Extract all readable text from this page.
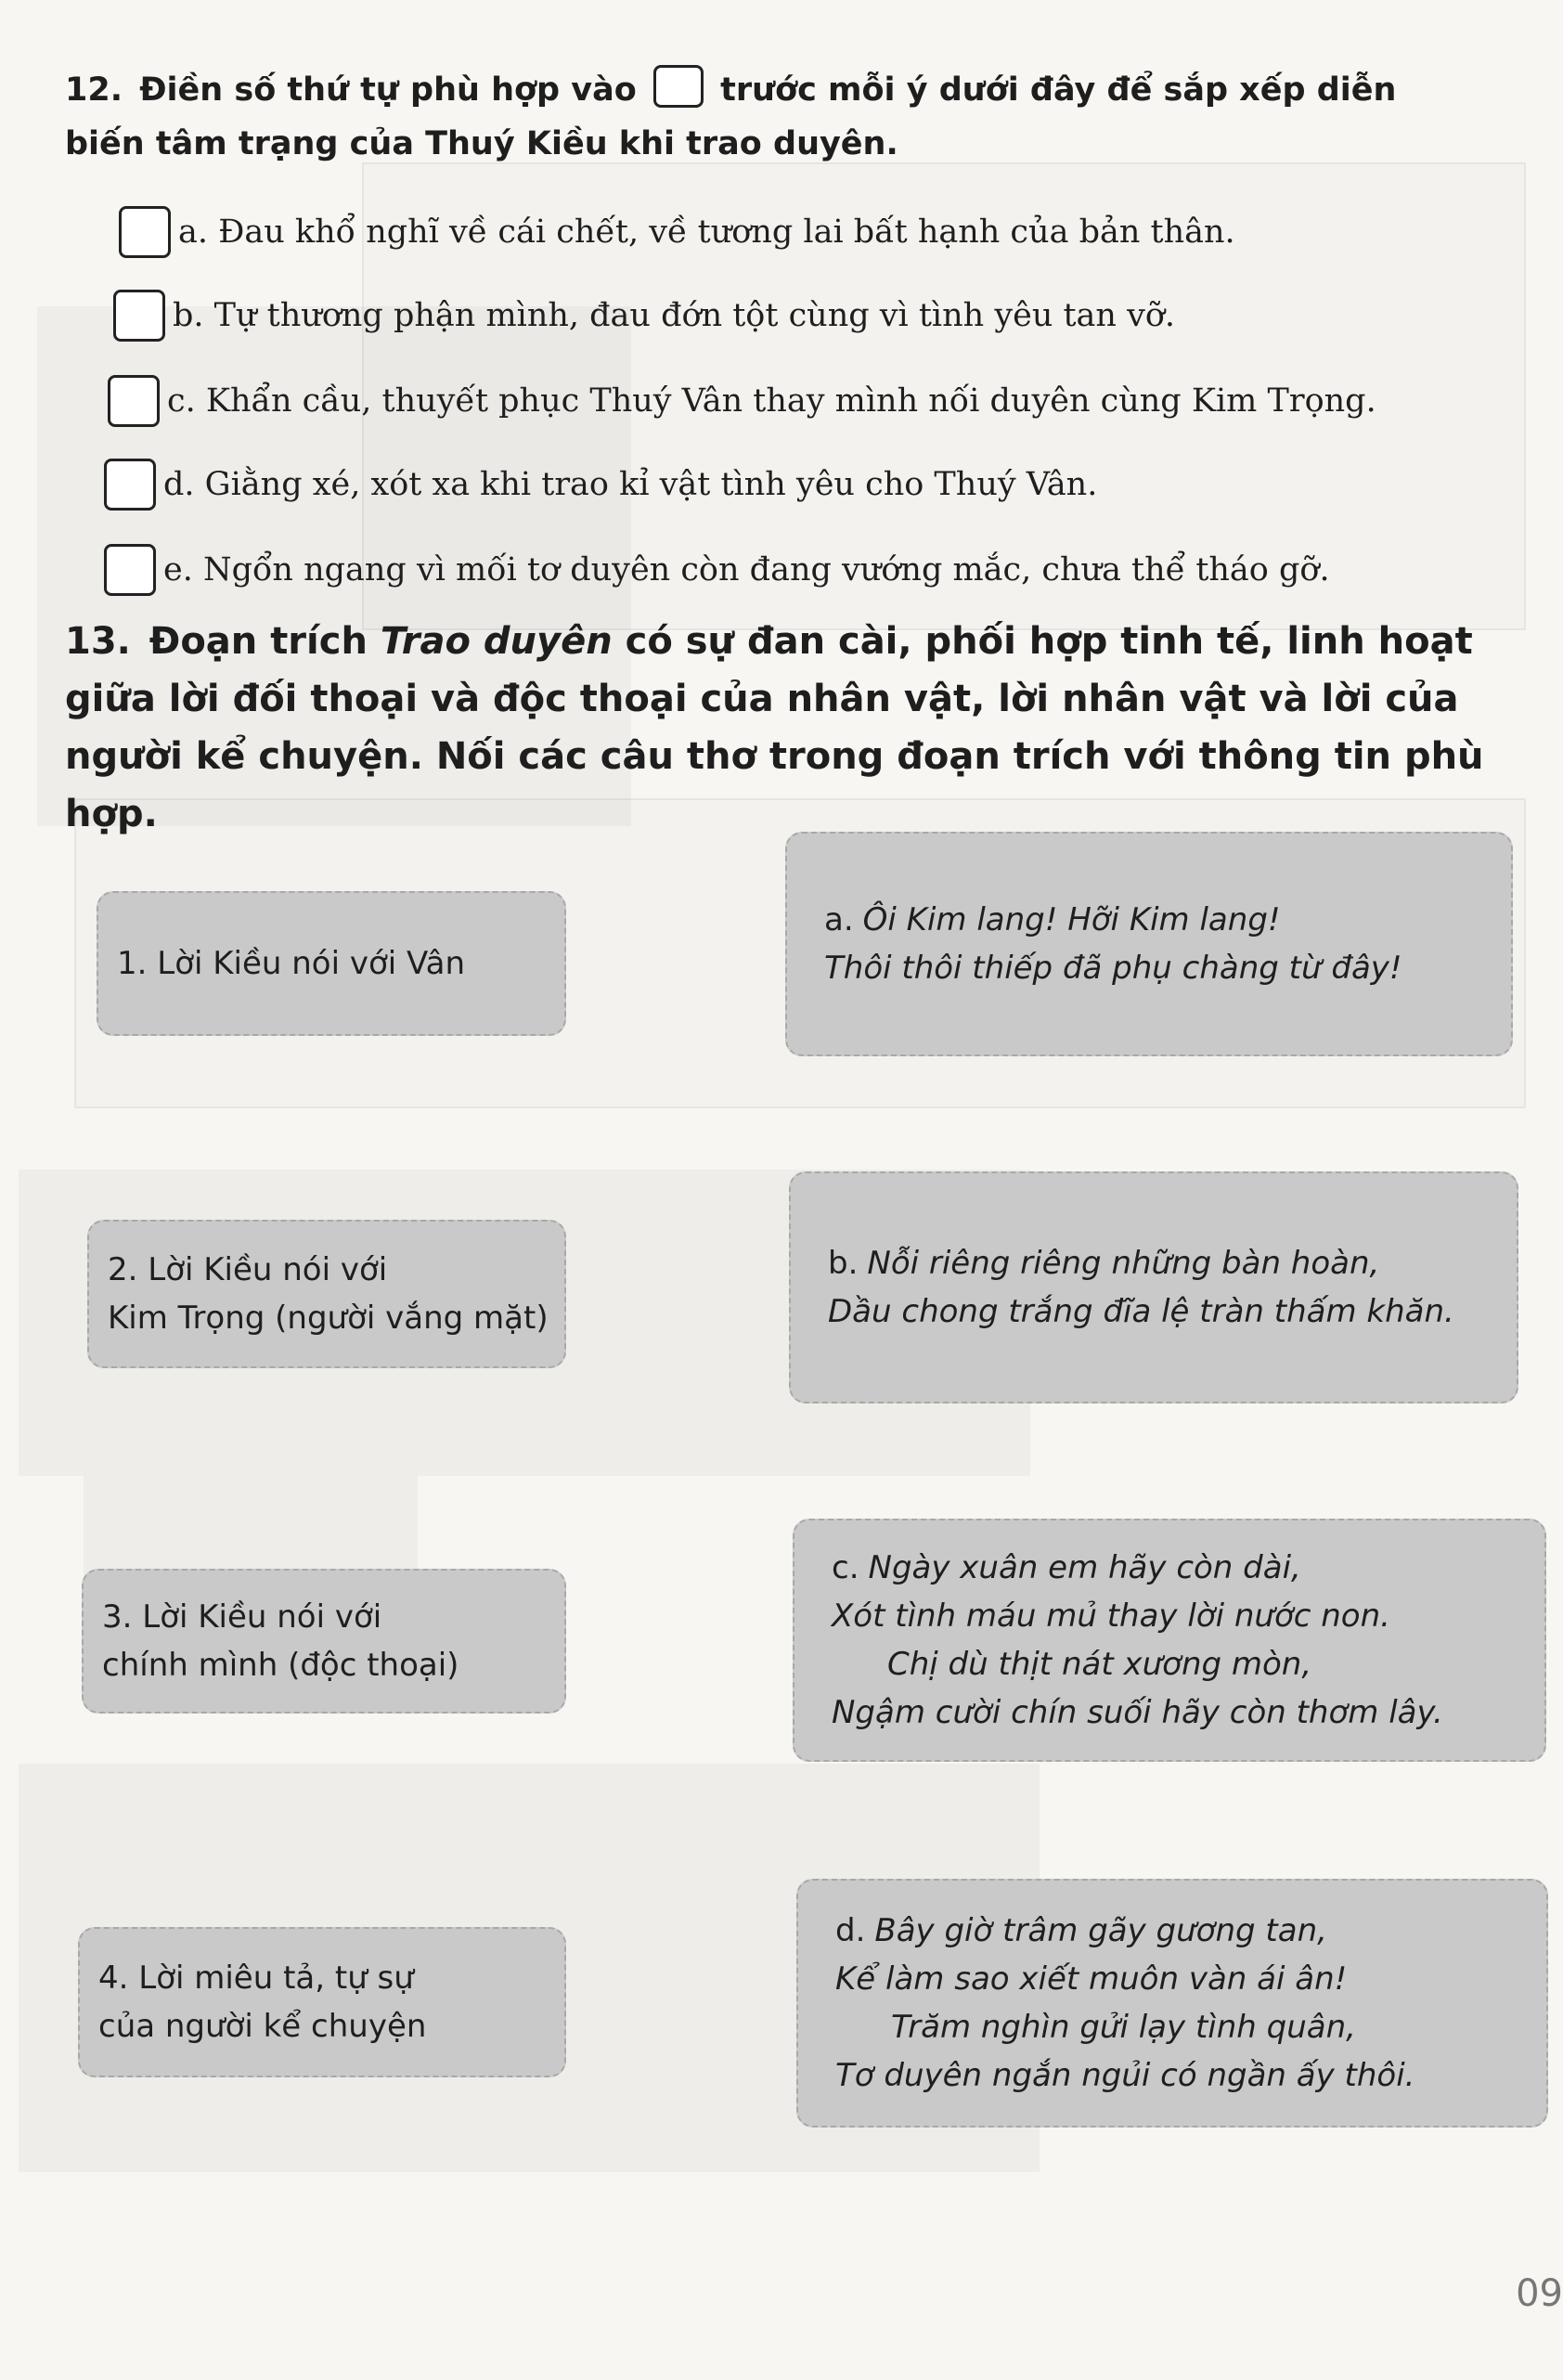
12. Điền số thứ tự phù hợp vào	trước mỗi ý dưới đây để sắp xếp diễn biến tâm trạng của Thuý Kiều khi trao duyên.

a. Đau khổ nghĩ về cái chết, về tương lai bất hạnh của bản thân.
b. Tự thương phận mình, đau đớn tột cùng vì tình yêu tan vỡ.
c. Khẩn cầu, thuyết phục Thuý Vân thay mình nối duyên cùng Kim Trọng.
d. Giằng xé, xót xa khi trao kỉ vật tình yêu cho Thuý Vân.
e. Ngổn ngang vì mối tơ duyên còn đang vướng mắc, chưa thể tháo gỡ.

13. Đoạn trích Trao duyên có sự đan cài, phối hợp tinh tế, linh hoạt giữa lời đối thoại và độc thoại của nhân vật, lời nhân vật và lời của người kể chuyện. Nối các câu thơ trong đoạn trích với thông tin phù hợp.

1. Lời Kiều nói với Vân
2. Lời Kiều nói với
Kim Trọng (người vắng mặt)
3. Lời Kiều nói với
chính mình (độc thoại)
4. Lời miêu tả, tự sự
của người kể chuyện
a. Ôi Kim lang! Hỡi Kim lang!
Thôi thôi thiếp đã phụ chàng từ đây!
b. Nỗi riêng riêng những bàn hoàn,
Dầu chong trắng đĩa lệ tràn thấm khăn.
c. Ngày xuân em hãy còn dài,
Xót tình máu mủ thay lời nước non.
Chị dù thịt nát xương mòn,
Ngậm cười chín suối hãy còn thơm lây.
d. Bây giờ trâm gãy gương tan,
Kể làm sao xiết muôn vàn ái ân!
Trăm nghìn gửi lạy tình quân,
Tơ duyên ngắn ngủi có ngần ấy thôi.
09
